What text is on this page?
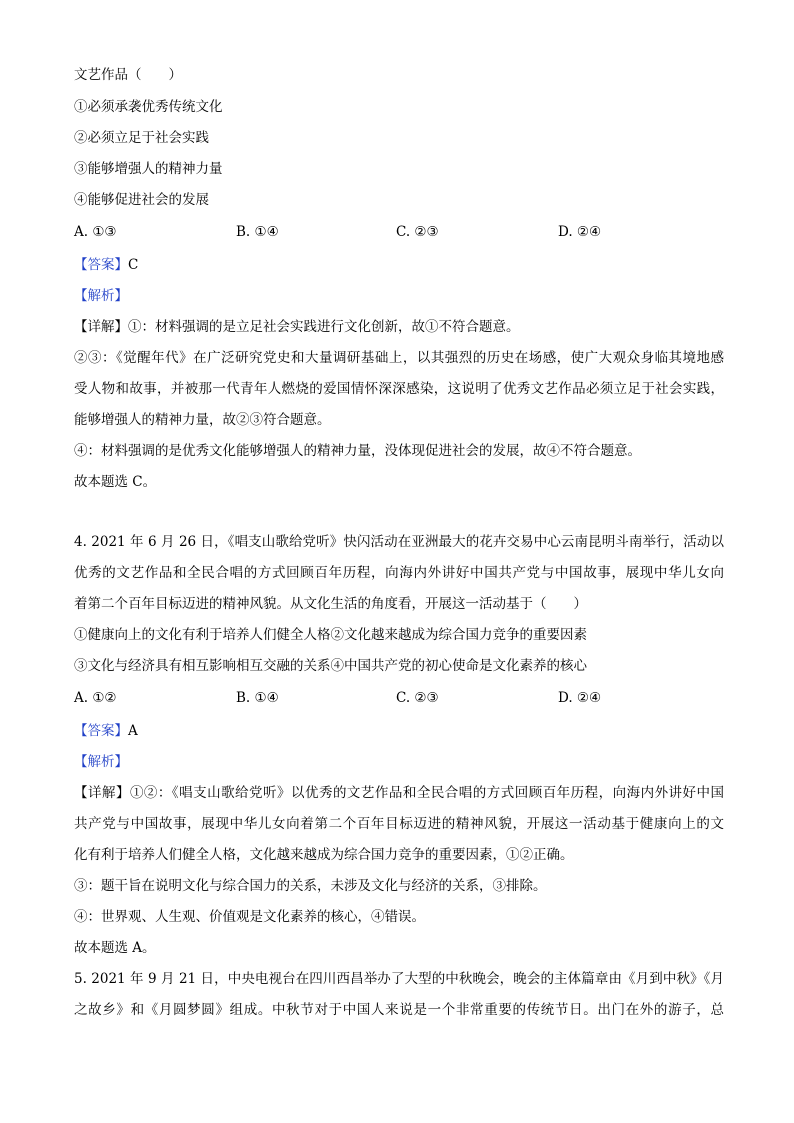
文艺作品（　　）
①必须承袭优秀传统文化
②必须立足于社会实践
③能够增强人的精神力量
④能够促进社会的发展
A. ①③	B. ①④	C. ②③	D. ②④
【答案】C
【解析】
【详解】①：材料强调的是立足社会实践进行文化创新，故①不符合题意。
②③：《觉醒年代》在广泛研究党史和大量调研基础上，以其强烈的历史在场感，使广大观众身临其境地感
受人物和故事，并被那一代青年人燃烧的爱国情怀深深感染，这说明了优秀文艺作品必须立足于社会实践，
能够增强人的精神力量，故②③符合题意。
④：材料强调的是优秀文化能够增强人的精神力量，没体现促进社会的发展，故④不符合题意。
故本题选 C。
4. 2021 年 6 月 26 日，《唱支山歌给党听》快闪活动在亚洲最大的花卉交易中心云南昆明斗南举行，活动以
优秀的文艺作品和全民合唱的方式回顾百年历程，向海内外讲好中国共产党与中国故事，展现中华儿女向
着第二个百年目标迈进的精神风貌。从文化生活的角度看，开展这一活动基于（　　）
①健康向上的文化有利于培养人们健全人格②文化越来越成为综合国力竞争的重要因素
③文化与经济具有相互影响相互交融的关系④中国共产党的初心使命是文化素养的核心
A. ①②	B. ①④	C. ②③	D. ②④
【答案】A
【解析】
【详解】①②：《唱支山歌给党听》以优秀的文艺作品和全民合唱的方式回顾百年历程，向海内外讲好中国
共产党与中国故事，展现中华儿女向着第二个百年目标迈进的精神风貌，开展这一活动基于健康向上的文
化有利于培养人们健全人格，文化越来越成为综合国力竞争的重要因素，①②正确。
③：题干旨在说明文化与综合国力的关系，未涉及文化与经济的关系，③排除。
④：世界观、人生观、价值观是文化素养的核心，④错误。
故本题选 A。
5. 2021 年 9 月 21 日，中央电视台在四川西昌举办了大型的中秋晚会，晚会的主体篇章由《月到中秋》《月
之故乡》和《月圆梦圆》组成。中秋节对于中国人来说是一个非常重要的传统节日。出门在外的游子，总
